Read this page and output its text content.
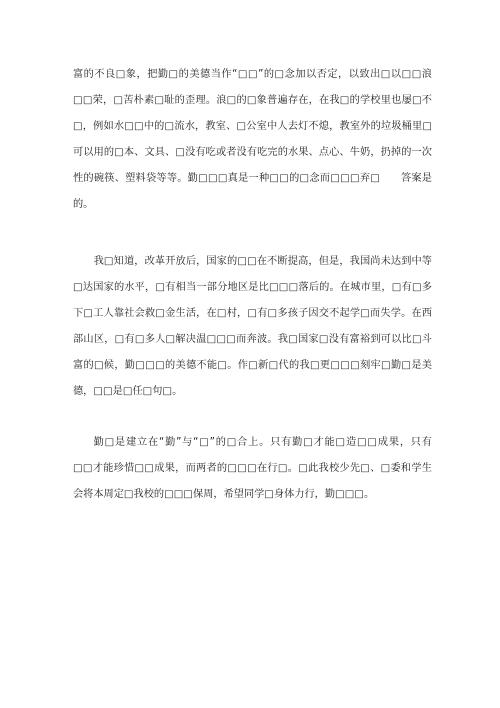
富的不良□象，把勤□的美德当作“□□”的□念加以否定，以致出□以□□浪
□□荣，□苦朴素□耻的歪理。浪□的□象普遍存在，在我□的学校里也屡□不
□，例如水□□中的□流水，教室、□公室中人去灯不熄，教室外的垃圾桶里□
可以用的□本、文具、□没有吃或者没有吃完的水果、点心、牛奶，扔掉的一次
性的碗筷、塑料袋等等。勤□□□真是一种□□的□念而□□□弃□　　答案是
的。
我□知道，改革开放后，国家的□□在不断提高，但是，我国尚未达到中等
□达国家的水平，□有相当一部分地区是比□□□落后的。在城市里，□有□多
下□工人靠社会救□金生活，在□村，□有□多孩子因交不起学□而失学。在西
部山区，□有□多人□解决温□□□而奔波。我□国家□没有富裕到可以比□斗
富的□候，勤□□□的美德不能□。作□新□代的我□更□□□刻牢□勤□是美
德，□□是□任□句□。
勤□是建立在“勤”与“□”的□合上。只有勤□才能□造□□成果，只有
□□才能珍惜□□成果，而两者的□□□在行□。□此我校少先□、□委和学生
会将本周定□我校的□□□保周，希望同学□身体力行，勤□□□。
